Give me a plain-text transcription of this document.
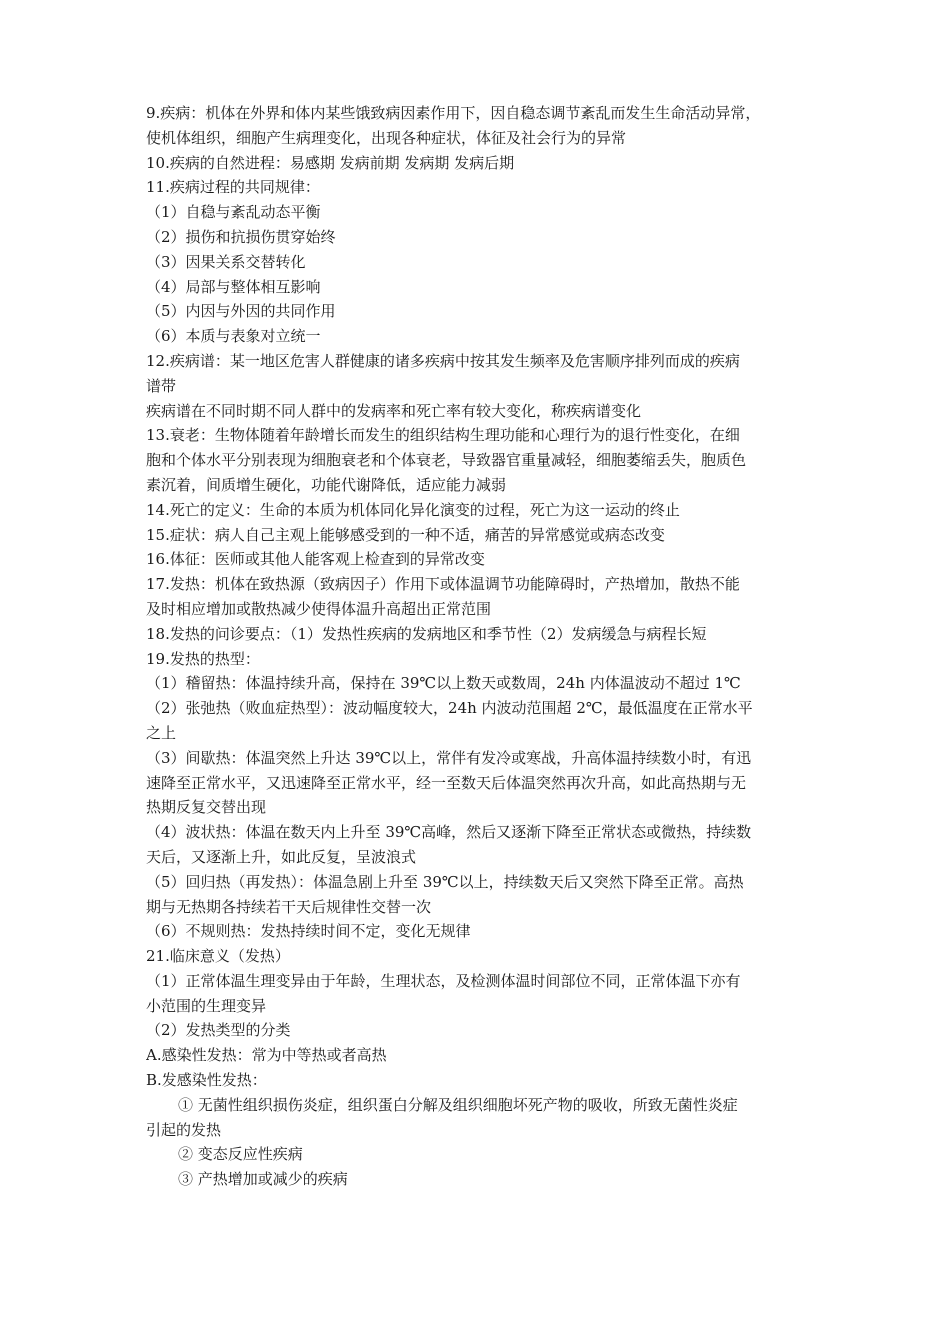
9.疾病：机体在外界和体内某些饿致病因素作用下，因自稳态调节紊乱而发生生命活动异常，
使机体组织，细胞产生病理变化，出现各种症状，体征及社会行为的异常
10.疾病的自然进程：易感期 发病前期 发病期 发病后期
11.疾病过程的共同规律：
（1）自稳与紊乱动态平衡
（2）损伤和抗损伤贯穿始终
（3）因果关系交替转化
（4）局部与整体相互影响
（5）内因与外因的共同作用
（6）本质与表象对立统一
12.疾病谱：某一地区危害人群健康的诸多疾病中按其发生频率及危害顺序排列而成的疾病
谱带
疾病谱在不同时期不同人群中的发病率和死亡率有较大变化，称疾病谱变化
13.衰老：生物体随着年龄增长而发生的组织结构生理功能和心理行为的退行性变化，在细
胞和个体水平分别表现为细胞衰老和个体衰老，导致器官重量减轻，细胞萎缩丢失，胞质色
素沉着，间质增生硬化，功能代谢降低，适应能力减弱
14.死亡的定义：生命的本质为机体同化异化演变的过程，死亡为这一运动的终止
15.症状：病人自己主观上能够感受到的一种不适，痛苦的异常感觉或病态改变
16.体征：医师或其他人能客观上检查到的异常改变
17.发热：机体在致热源（致病因子）作用下或体温调节功能障碍时，产热增加，散热不能
及时相应增加或散热减少使得体温升高超出正常范围
18.发热的问诊要点：（1）发热性疾病的发病地区和季节性（2）发病缓急与病程长短
19.发热的热型：
（1）稽留热：体温持续升高，保持在 39℃以上数天或数周，24h 内体温波动不超过 1℃
（2）张弛热（败血症热型）：波动幅度较大，24h 内波动范围超 2℃，最低温度在正常水平
之上
（3）间歇热：体温突然上升达 39℃以上，常伴有发冷或寒战，升高体温持续数小时，有迅
速降至正常水平，又迅速降至正常水平，经一至数天后体温突然再次升高，如此高热期与无
热期反复交替出现
（4）波状热：体温在数天内上升至 39℃高峰，然后又逐渐下降至正常状态或微热，持续数
天后，又逐渐上升，如此反复，呈波浪式
（5）回归热（再发热）：体温急剧上升至 39℃以上，持续数天后又突然下降至正常。高热
期与无热期各持续若干天后规律性交替一次
（6）不规则热：发热持续时间不定，变化无规律
21.临床意义（发热）
（1）正常体温生理变异由于年龄，生理状态，及检测体温时间部位不同，正常体温下亦有
小范围的生理变异
（2）发热类型的分类
A.感染性发热：常为中等热或者高热
B.发感染性发热：
① 无菌性组织损伤炎症，组织蛋白分解及组织细胞坏死产物的吸收，所致无菌性炎症
引起的发热
② 变态反应性疾病
③ 产热增加或减少的疾病
